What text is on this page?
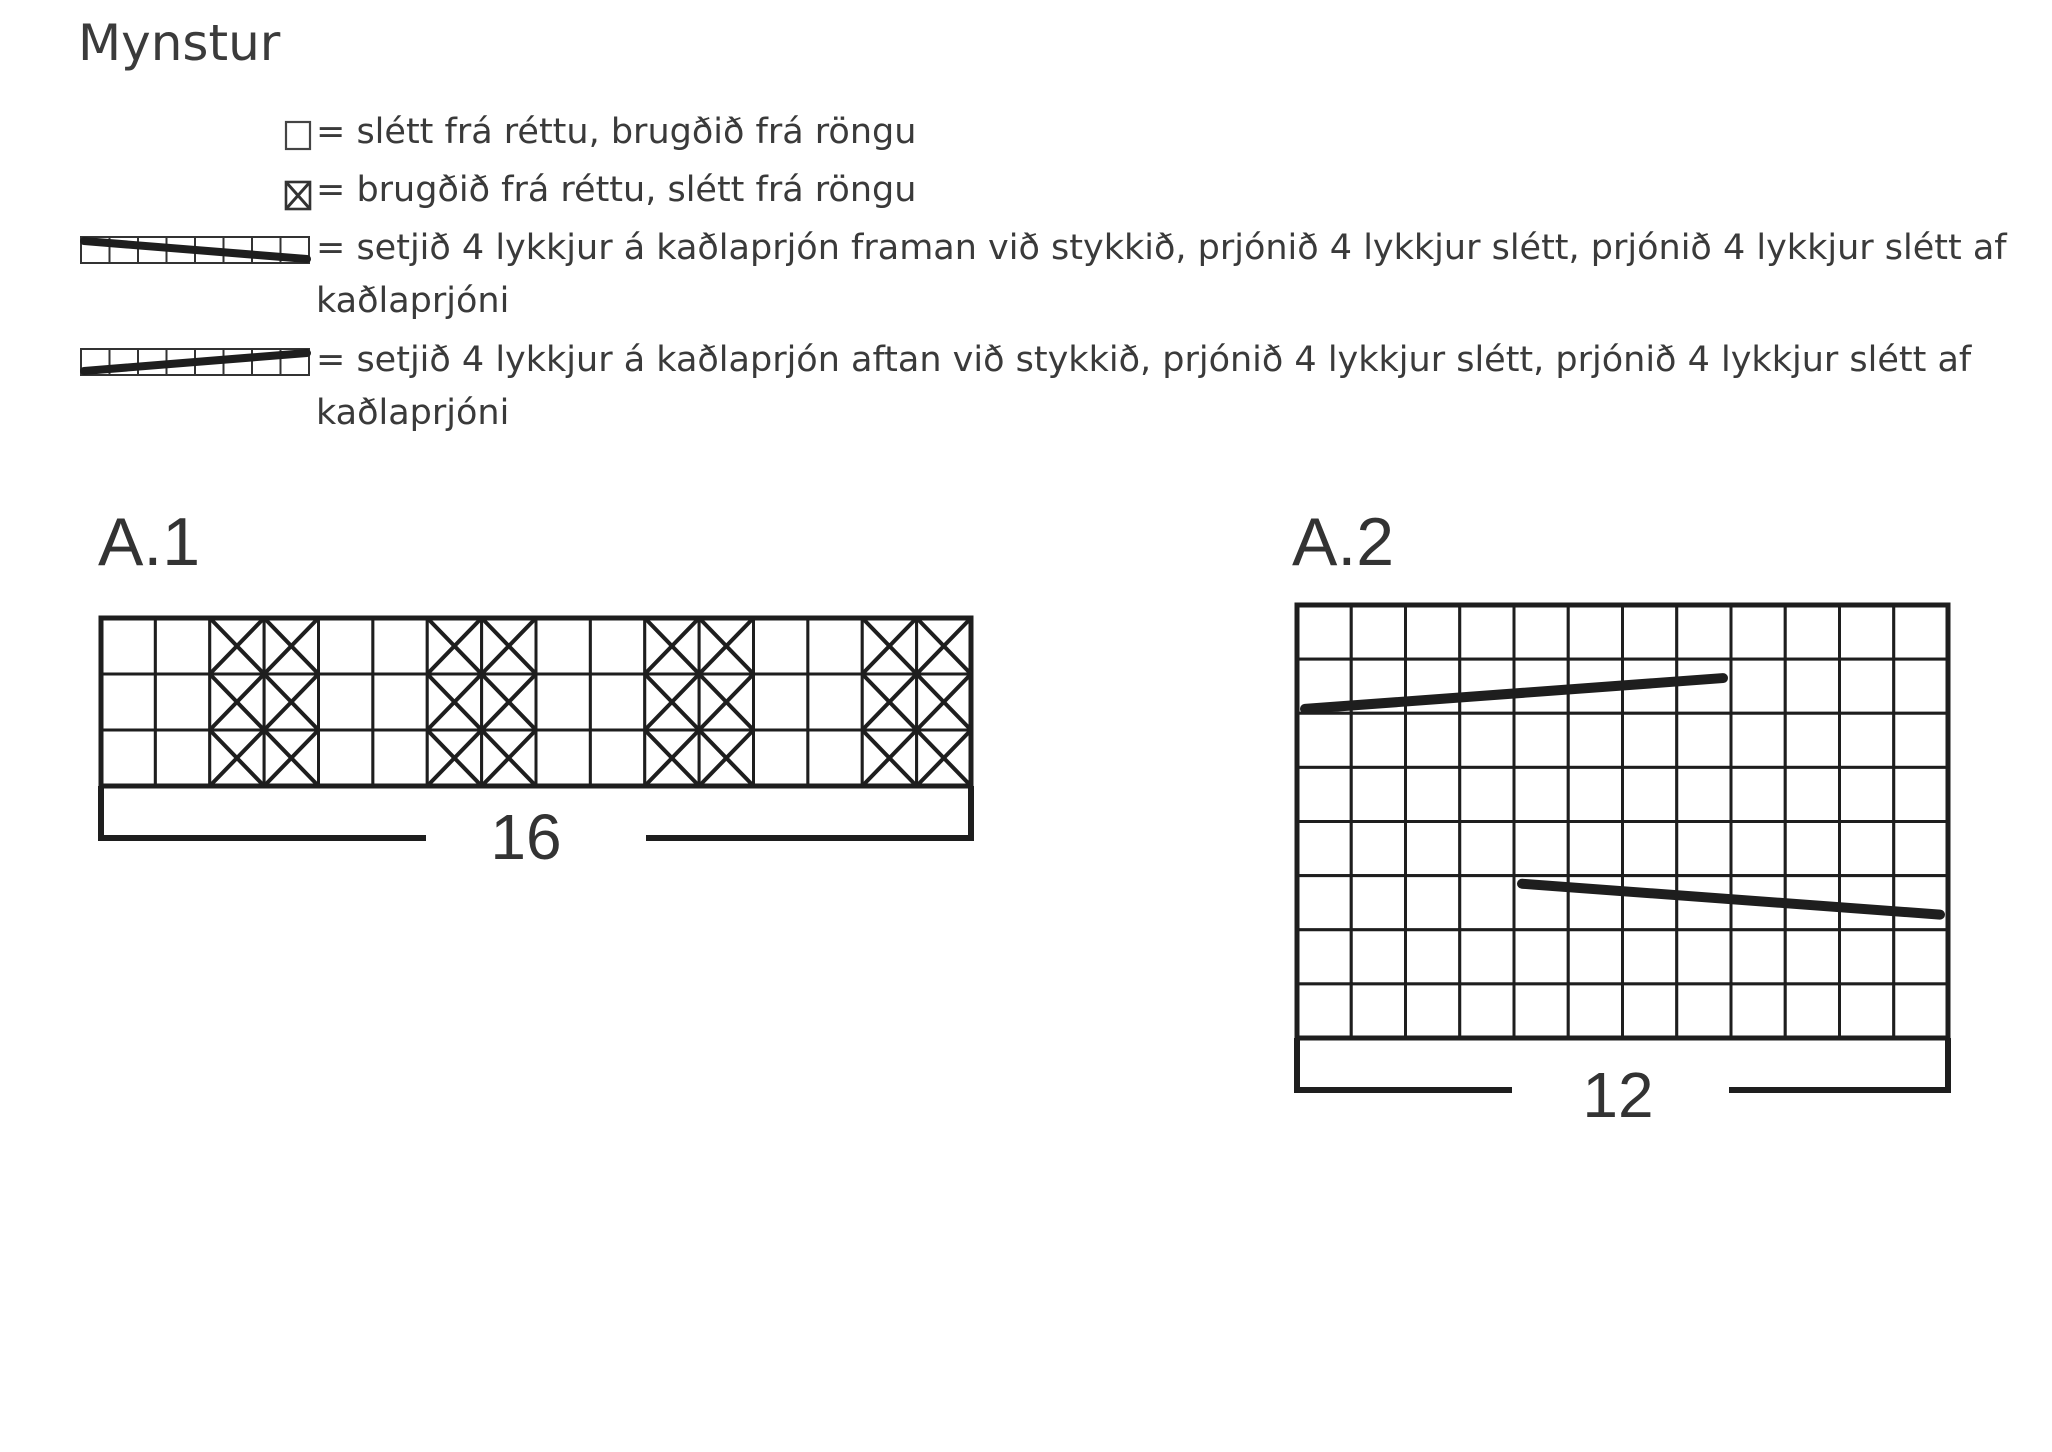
Mynstur
= slétt frá réttu, brugðið frá röngu
= brugðið frá réttu, slétt frá röngu
= setjið 4 lykkjur á kaðlaprjón framan við stykkið, prjónið 4 lykkjur slétt, prjónið 4 lykkjur slétt af kaðlaprjóni
= setjið 4 lykkjur á kaðlaprjón aftan við stykkið, prjónið 4 lykkjur slétt, prjónið 4 lykkjur slétt af kaðlaprjóni
A.1
16
A.2
12
